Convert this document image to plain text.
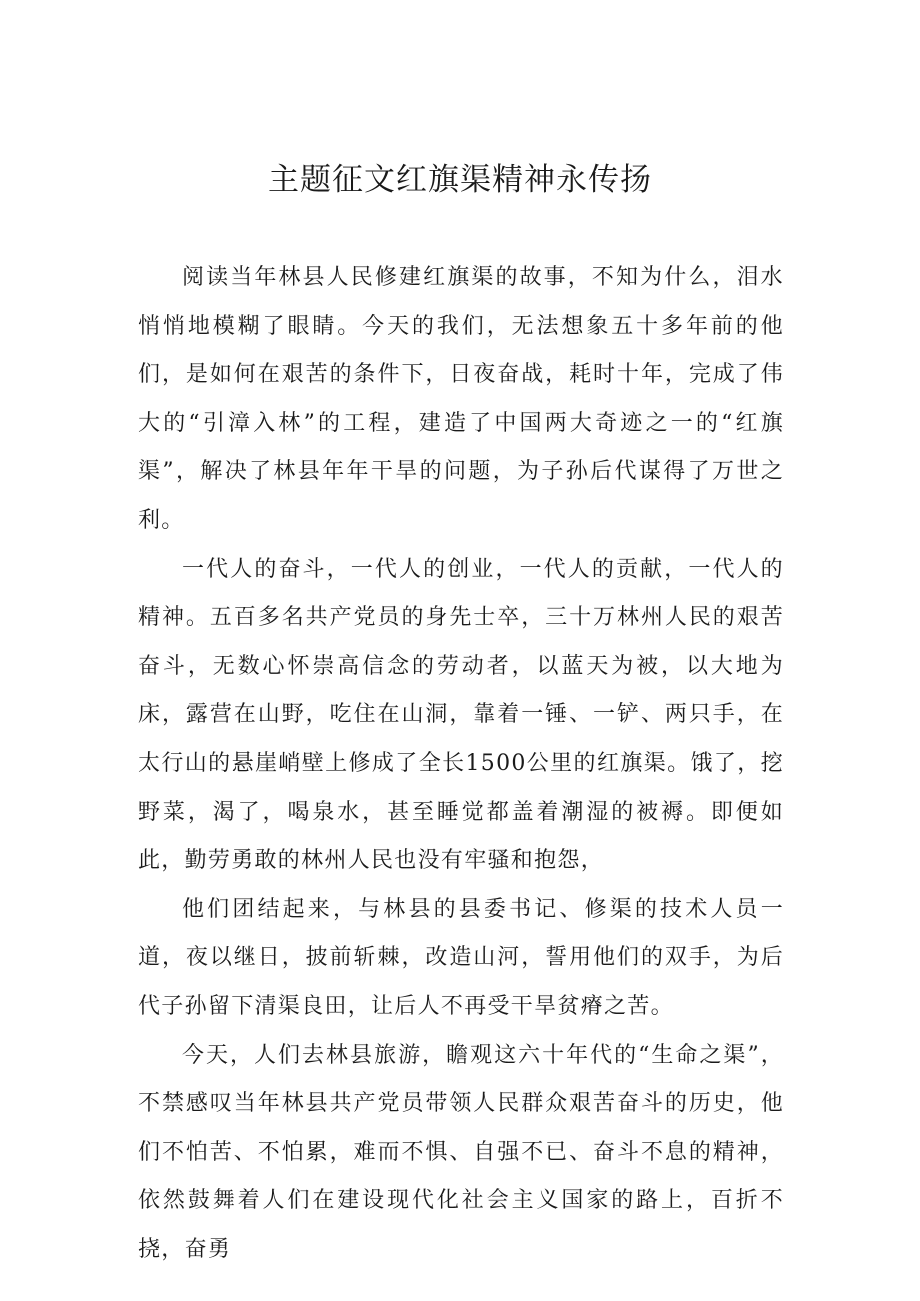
主题征文红旗渠精神永传扬

阅读当年林县人民修建红旗渠的故事，不知为什么，泪水悄悄地模糊了眼睛。今天的我们，无法想象五十多年前的他们，是如何在艰苦的条件下，日夜奋战，耗时十年，完成了伟大的“引漳入林”的工程，建造了中国两大奇迹之一的“红旗渠”，解决了林县年年干旱的问题，为子孙后代谋得了万世之利。

一代人的奋斗，一代人的创业，一代人的贡献，一代人的精神。五百多名共产党员的身先士卒，三十万林州人民的艰苦奋斗，无数心怀崇高信念的劳动者，以蓝天为被，以大地为床，露营在山野，吃住在山洞，靠着一锤、一铲、两只手，在太行山的悬崖峭壁上修成了全长1500公里的红旗渠。饿了，挖野菜，渴了，喝泉水，甚至睡觉都盖着潮湿的被褥。即便如此，勤劳勇敢的林州人民也没有牢骚和抱怨，

他们团结起来，与林县的县委书记、修渠的技术人员一道，夜以继日，披前斩棘，改造山河，誓用他们的双手，为后代子孙留下清渠良田，让后人不再受干旱贫瘠之苦。

今天，人们去林县旅游，瞻观这六十年代的“生命之渠”，不禁感叹当年林县共产党员带领人民群众艰苦奋斗的历史，他们不怕苦、不怕累，难而不惧、自强不已、奋斗不息的精神，依然鼓舞着人们在建设现代化社会主义国家的路上，百折不挠，奋勇
